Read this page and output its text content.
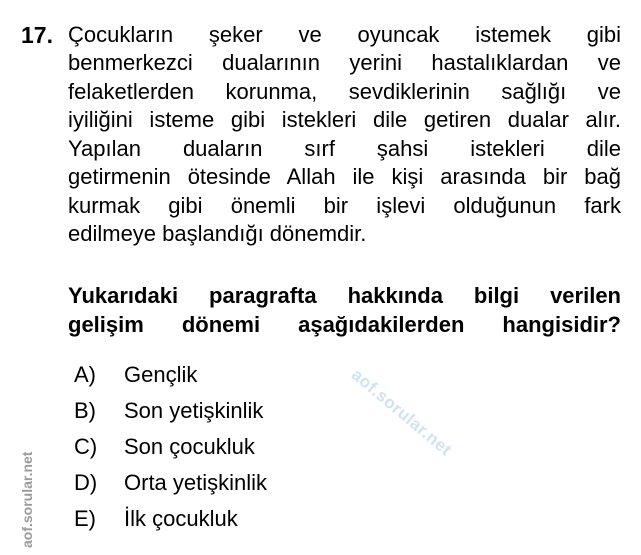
aof.sorular.net
aof.sorular.net
17. Çocukların şeker ve oyuncak istemek gibi
benmerkezci dualarının yerini hastalıklardan ve
felaketlerden korunma, sevdiklerinin sağlığı ve
iyiliğini isteme gibi istekleri dile getiren dualar alır.
Yapılan duaların sırf şahsi istekleri dile
getirmenin ötesinde Allah ile kişi arasında bir bağ
kurmak gibi önemli bir işlevi olduğunun fark
edilmeye başlandığı dönemdir.
Yukarıdaki paragrafta hakkında bilgi verilen
gelişim dönemi aşağıdakilerden hangisidir?
A) Gençlik
B) Son yetişkinlik
C) Son çocukluk
D) Orta yetişkinlik
E) İlk çocukluk
